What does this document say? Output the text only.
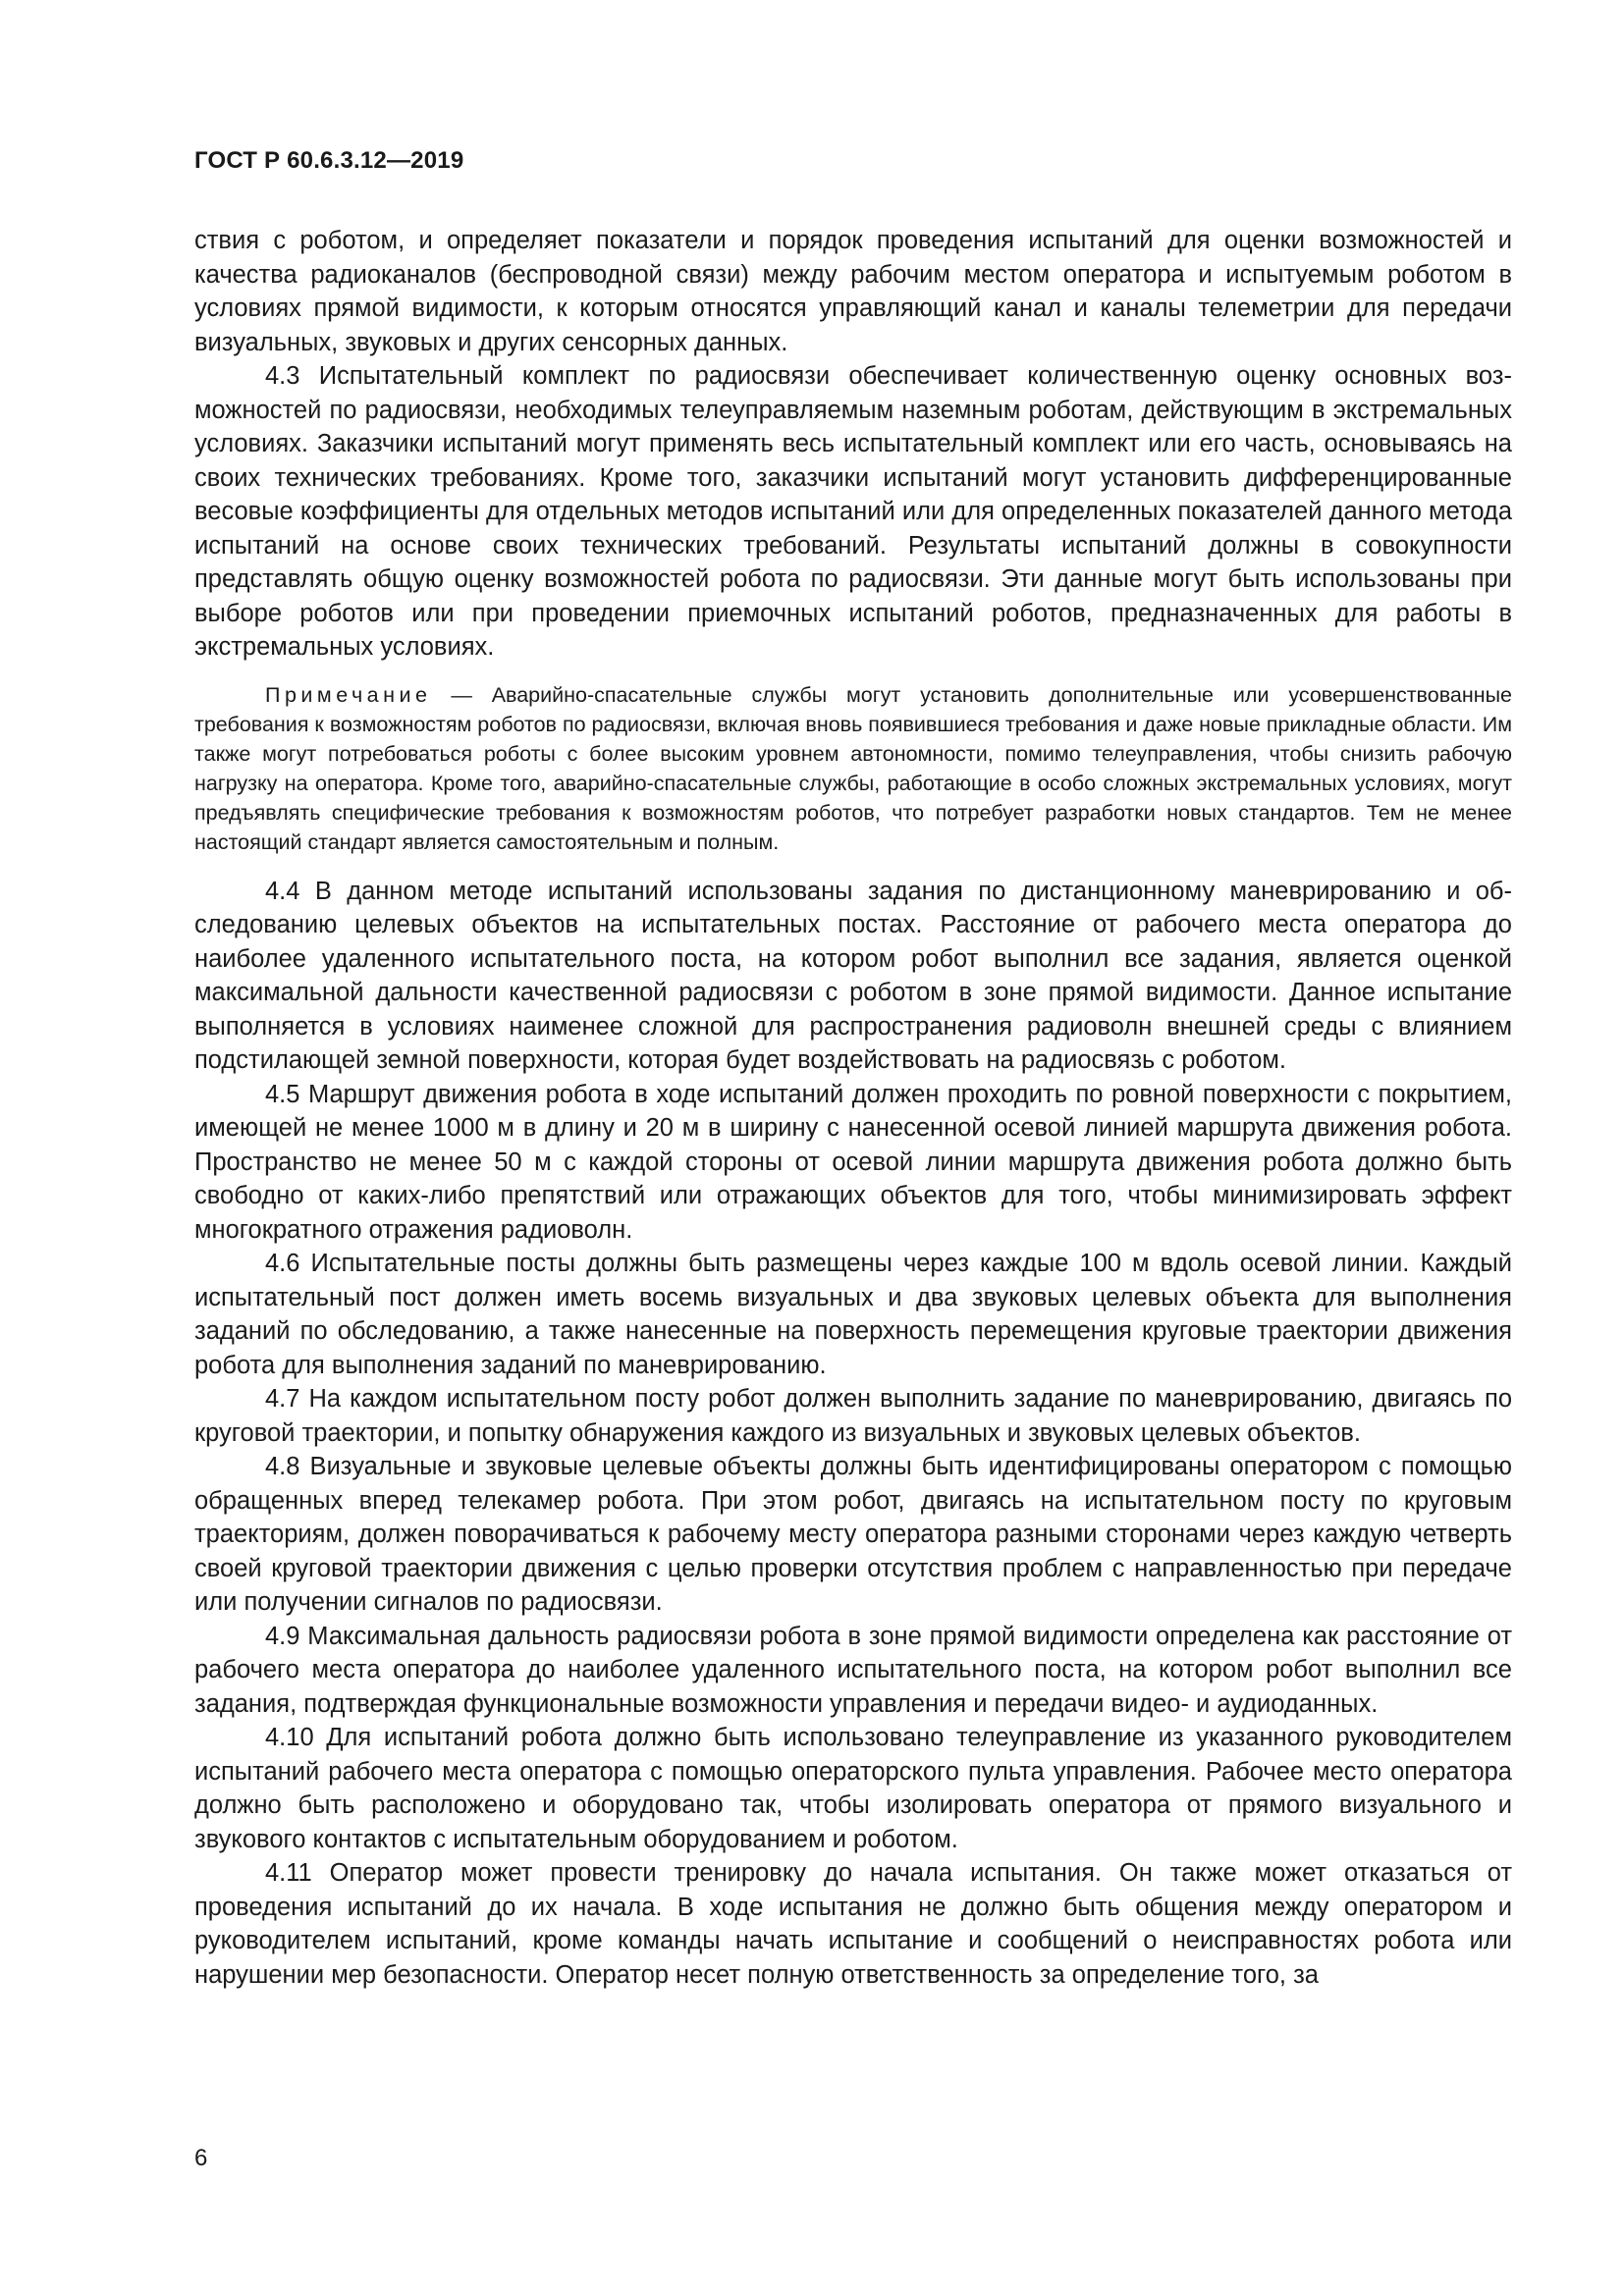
ГОСТ Р 60.6.3.12—2019

ствия с роботом, и определяет показатели и порядок проведения испытаний для оценки возможностей и качества радиоканалов (беспроводной связи) между рабочим местом оператора и испытуемым роботом в условиях прямой видимости, к которым относятся управляющий канал и каналы телеметрии для передачи визуальных, звуковых и других сенсорных данных.

4.3 Испытательный комплект по радиосвязи обеспечивает количественную оценку основных возможностей по радиосвязи, необходимых телеуправляемым наземным роботам, действующим в экстремальных условиях. Заказчики испытаний могут применять весь испытательный комплект или его часть, основываясь на своих технических требованиях. Кроме того, заказчики испытаний могут установить дифференцированные весовые коэффициенты для отдельных методов испытаний или для определенных показателей данного метода испытаний на основе своих технических требований. Результаты испытаний должны в совокупности представлять общую оценку возможностей робота по радиосвязи. Эти данные могут быть использованы при выборе роботов или при проведении приемочных испытаний роботов, предназначенных для работы в экстремальных условиях.

Примечание — Аварийно-спасательные службы могут установить дополнительные или усовершенствованные требования к возможностям роботов по радиосвязи, включая вновь появившиеся требования и даже новые прикладные области. Им также могут потребоваться роботы с более высоким уровнем автономности, помимо телеуправления, чтобы снизить рабочую нагрузку на оператора. Кроме того, аварийно-спасательные службы, работающие в особо сложных экстремальных условиях, могут предъявлять специфические требования к возможностям роботов, что потребует разработки новых стандартов. Тем не менее настоящий стандарт является самостоятельным и полным.

4.4 В данном методе испытаний использованы задания по дистанционному маневрированию и обследованию целевых объектов на испытательных постах. Расстояние от рабочего места оператора до наиболее удаленного испытательного поста, на котором робот выполнил все задания, является оценкой максимальной дальности качественной радиосвязи с роботом в зоне прямой видимости. Данное испытание выполняется в условиях наименее сложной для распространения радиоволн внешней среды с влиянием подстилающей земной поверхности, которая будет воздействовать на радиосвязь с роботом.

4.5 Маршрут движения робота в ходе испытаний должен проходить по ровной поверхности с покрытием, имеющей не менее 1000 м в длину и 20 м в ширину с нанесенной осевой линией маршрута движения робота. Пространство не менее 50 м с каждой стороны от осевой линии маршрута движения робота должно быть свободно от каких-либо препятствий или отражающих объектов для того, чтобы минимизировать эффект многократного отражения радиоволн.

4.6 Испытательные посты должны быть размещены через каждые 100 м вдоль осевой линии. Каждый испытательный пост должен иметь восемь визуальных и два звуковых целевых объекта для выполнения заданий по обследованию, а также нанесенные на поверхность перемещения круговые траектории движения робота для выполнения заданий по маневрированию.

4.7 На каждом испытательном посту робот должен выполнить задание по маневрированию, двигаясь по круговой траектории, и попытку обнаружения каждого из визуальных и звуковых целевых объектов.

4.8 Визуальные и звуковые целевые объекты должны быть идентифицированы оператором с помощью обращенных вперед телекамер робота. При этом робот, двигаясь на испытательном посту по круговым траекториям, должен поворачиваться к рабочему месту оператора разными сторонами через каждую четверть своей круговой траектории движения с целью проверки отсутствия проблем с направленностью при передаче или получении сигналов по радиосвязи.

4.9 Максимальная дальность радиосвязи робота в зоне прямой видимости определена как расстояние от рабочего места оператора до наиболее удаленного испытательного поста, на котором робот выполнил все задания, подтверждая функциональные возможности управления и передачи видео- и аудиоданных.

4.10 Для испытаний робота должно быть использовано телеуправление из указанного руководителем испытаний рабочего места оператора с помощью операторского пульта управления. Рабочее место оператора должно быть расположено и оборудовано так, чтобы изолировать оператора от прямого визуального и звукового контактов с испытательным оборудованием и роботом.

4.11 Оператор может провести тренировку до начала испытания. Он также может отказаться от проведения испытаний до их начала. В ходе испытания не должно быть общения между оператором и руководителем испытаний, кроме команды начать испытание и сообщений о неисправностях робота или нарушении мер безопасности. Оператор несет полную ответственность за определение того, за

6
